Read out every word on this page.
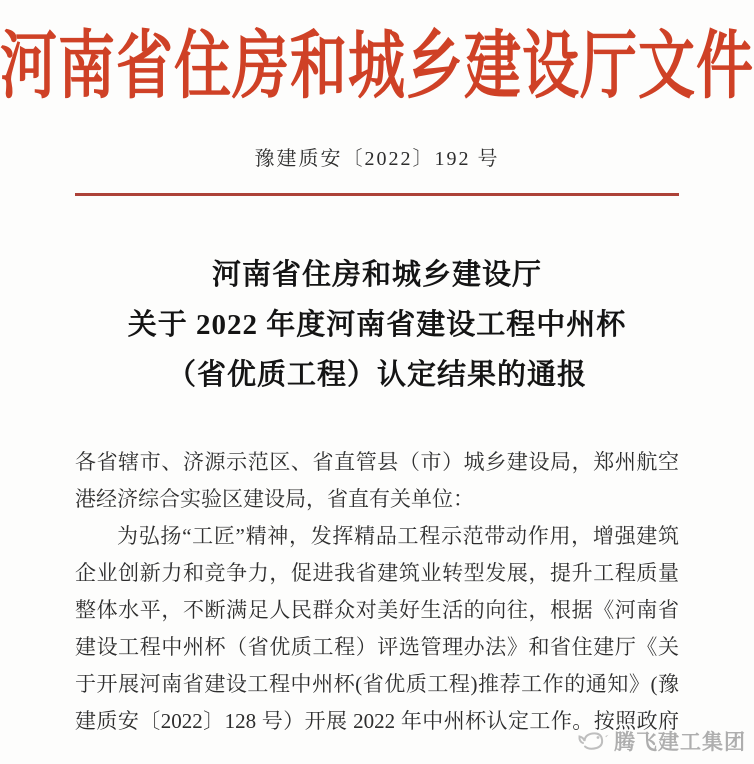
河南省住房和城乡建设厅文件
豫建质安〔2022〕192 号
河南省住房和城乡建设厅
关于 2022 年度河南省建设工程中州杯
（省优质工程）认定结果的通报
各省辖市、济源示范区、省直管县（市）城乡建设局，郑州航空
港经济综合实验区建设局，省直有关单位：
为弘扬“工匠”精神，发挥精品工程示范带动作用，增强建筑
企业创新力和竞争力，促进我省建筑业转型发展，提升工程质量
整体水平，不断满足人民群众对美好生活的向往，根据《河南省
建设工程中州杯（省优质工程）评选管理办法》和省住建厅《关
于开展河南省建设工程中州杯(省优质工程)推荐工作的通知》(豫
建质安〔2022〕128 号）开展 2022 年中州杯认定工作。按照政府
腾飞建工集团
